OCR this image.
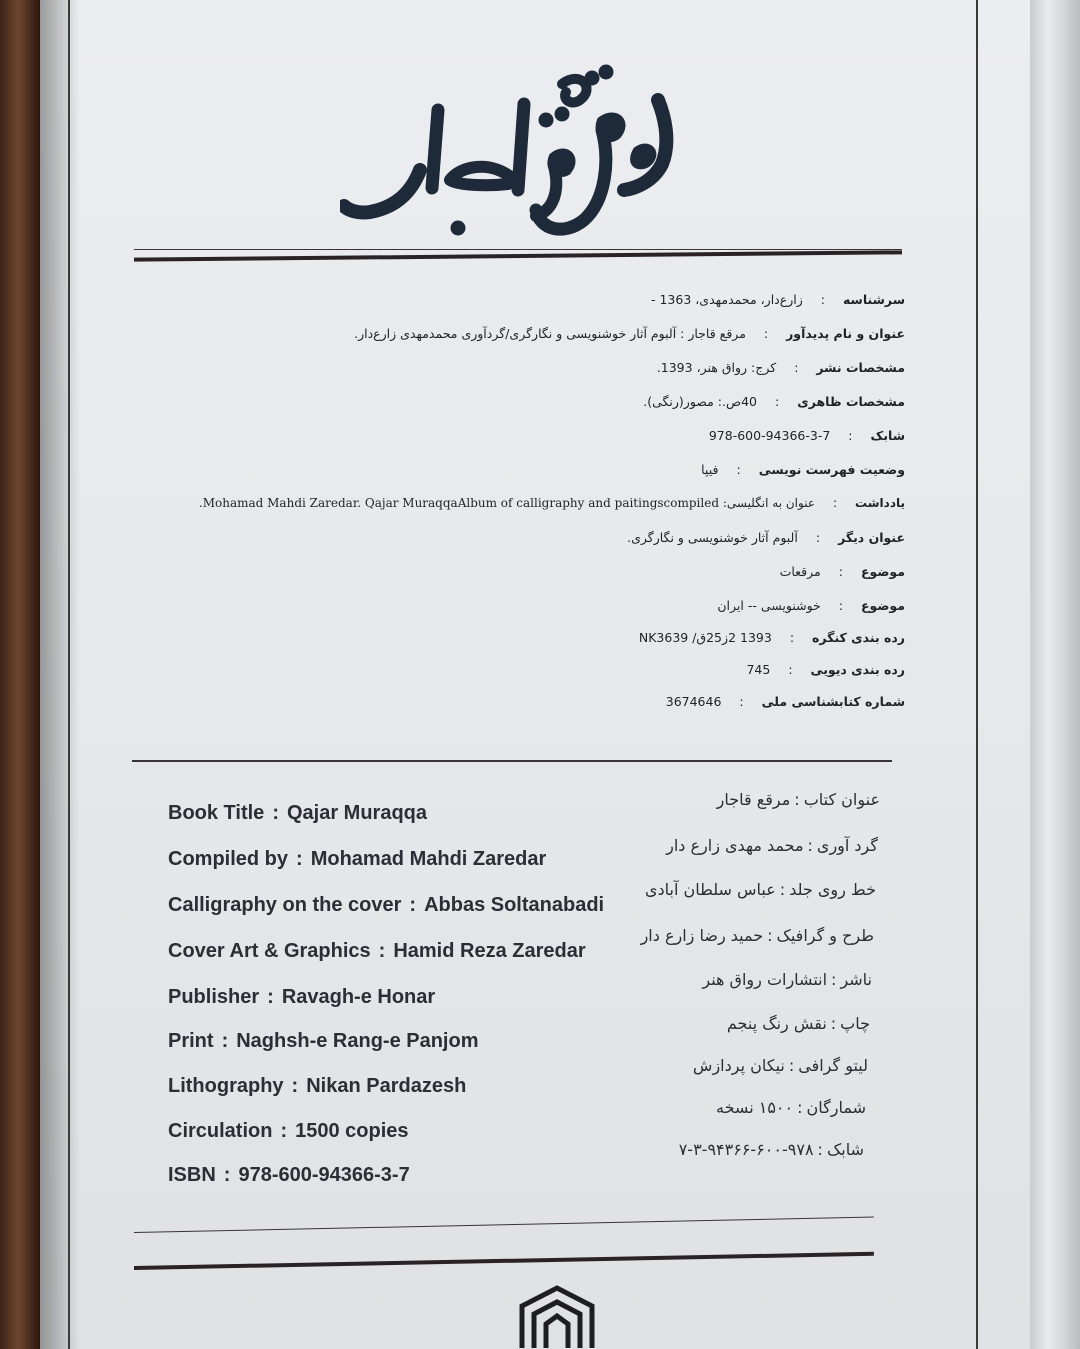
سرشناسه
:
زارع‌دار، محمدمهدی، 1363 -
عنوان و نام پدیدآور
:
مرقع قاجار : آلبوم آثار خوشنویسی و نگارگری/گردآوری محمدمهدی زارع‌دار.
مشخصات نشر
:
کرج: رواق هنر، 1393.
مشخصات ظاهری
:
40ص.: مصور(رنگی).
شابک
:
978-600-94366-3-7
وضعیت فهرست نویسی
:
فیپا
یادداشت
:
عنوان به انگلیسی: Mohamad Mahdi Zaredar. Qajar MuraqqaAlbum of calligraphy and paitingscompiled.
عنوان دیگر
:
آلبوم آثار خوشنویسی و نگارگری.
موضوع
:
مرقعات
موضوع
:
خوشنویسی -- ایران
رده بندی کنگره
:
1393 2ز25ق/ NK3639
رده بندی دیویی
:
745
شماره کتابشناسی ملی
:
3674646
Book Title : Qajar Muraqqa
Compiled by : Mohamad Mahdi Zaredar
Calligraphy on the cover : Abbas Soltanabadi
Cover Art & Graphics : Hamid Reza Zaredar
Publisher : Ravagh-e Honar
Print : Naghsh-e Rang-e Panjom
Lithography : Nikan Pardazesh
Circulation : 1500 copies
ISBN : 978-600-94366-3-7
عنوان کتاب:مرقع قاجار
گرد آوری:محمد مهدی زارع دار
خط روی جلد:عباس سلطان آبادی
طرح و گرافیک:حمید رضا زارع دار
ناشر:انتشارات رواق هنر
چاپ:نقش رنگ پنجم
لیتو گرافی:نیکان پردازش
شمارگان:۱۵۰۰ نسخه
شابک:۹۷۸-۶۰۰-۹۴۳۶۶-۳-۷
